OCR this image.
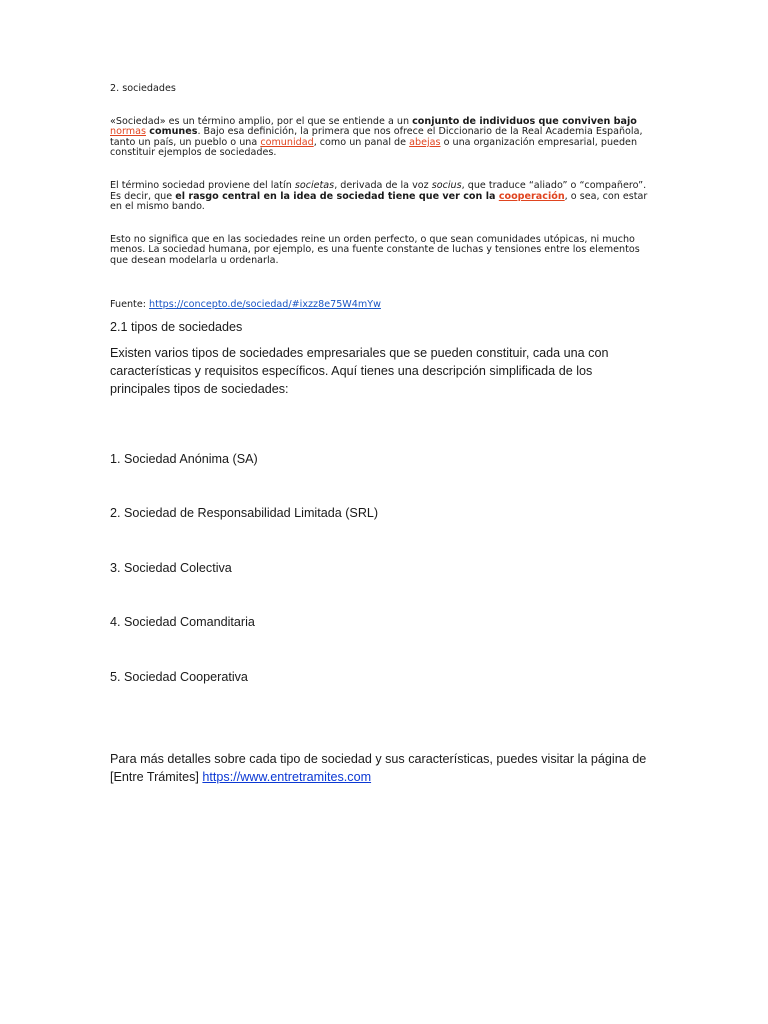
2. sociedades

«Sociedad» es un término amplio, por el que se entiende a un conjunto de individuos que conviven bajo normas comunes. Bajo esa definición, la primera que nos ofrece el Diccionario de la Real Academia Española, tanto un país, un pueblo o una comunidad, como un panal de abejas o una organización empresarial, pueden constituir ejemplos de sociedades.

El término sociedad proviene del latín societas, derivada de la voz socius, que traduce “aliado” o “compañero”. Es decir, que el rasgo central en la idea de sociedad tiene que ver con la cooperación, o sea, con estar en el mismo bando.

Esto no significa que en las sociedades reine un orden perfecto, o que sean comunidades utópicas, ni mucho menos. La sociedad humana, por ejemplo, es una fuente constante de luchas y tensiones entre los elementos que desean modelarla u ordenarla.

Fuente: https://concepto.de/sociedad/#ixzz8e75W4mYw

2.1 tipos de sociedades

Existen varios tipos de sociedades empresariales que se pueden constituir, cada una con características y requisitos específicos. Aquí tienes una descripción simplificada de los principales tipos de sociedades:

1. Sociedad Anónima (SA)

2. Sociedad de Responsabilidad Limitada (SRL)

3. Sociedad Colectiva

4. Sociedad Comanditaria

5. Sociedad Cooperativa

Para más detalles sobre cada tipo de sociedad y sus características, puedes visitar la página de [Entre Trámites] https://www.entretramites.com
